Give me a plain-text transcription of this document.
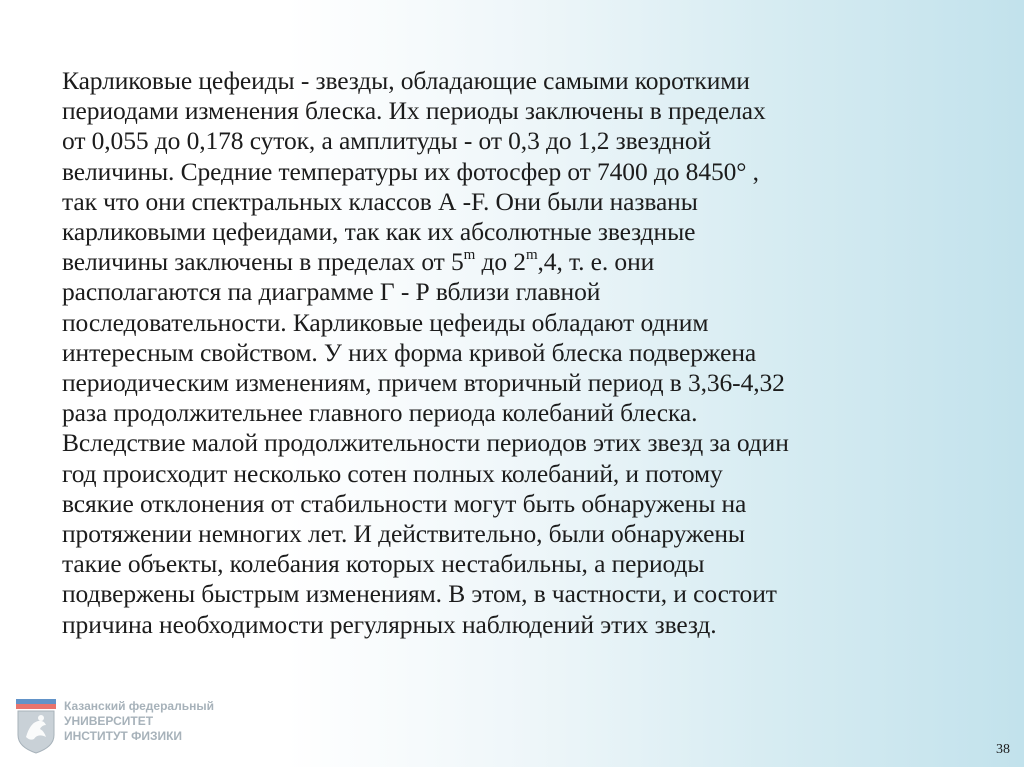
Карликовые цефеиды - звезды, обладающие самыми короткими
периодами изменения блеска. Их периоды заключены в пределах
от 0,055 до 0,178 суток, а амплитуды - от 0,3 до 1,2 звездной
величины. Средние температуры их фотосфер от 7400 до 8450° ,
так что они спектральных классов А -F. Они были названы
карликовыми цефеидами, так как их абсолютные звездные
величины заключены в пределах от 5$^m$ до 2$^m$,4, т. е. они
располагаются па диаграмме Г - Р вблизи главной
последовательности. Карликовые цефеиды обладают одним
интересным свойством. У них форма кривой блеска подвержена
периодическим изменениям, причем вторичный период в 3,36-4,32
раза продолжительнее главного периода колебаний блеска.
Вследствие малой продолжительности периодов этих звезд за один
год происходит несколько сотен полных колебаний, и потому
всякие отклонения от стабильности могут быть обнаружены на
протяжении немногих лет. И действительно, были обнаружены
такие объекты, колебания которых нестабильны, а периоды
подвержены быстрым изменениям. В этом, в частности, и состоит
причина необходимости регулярных наблюдений этих звезд.
Казанский федеральный
УНИВЕРСИТЕТ
ИНСТИТУТ ФИЗИКИ
38
